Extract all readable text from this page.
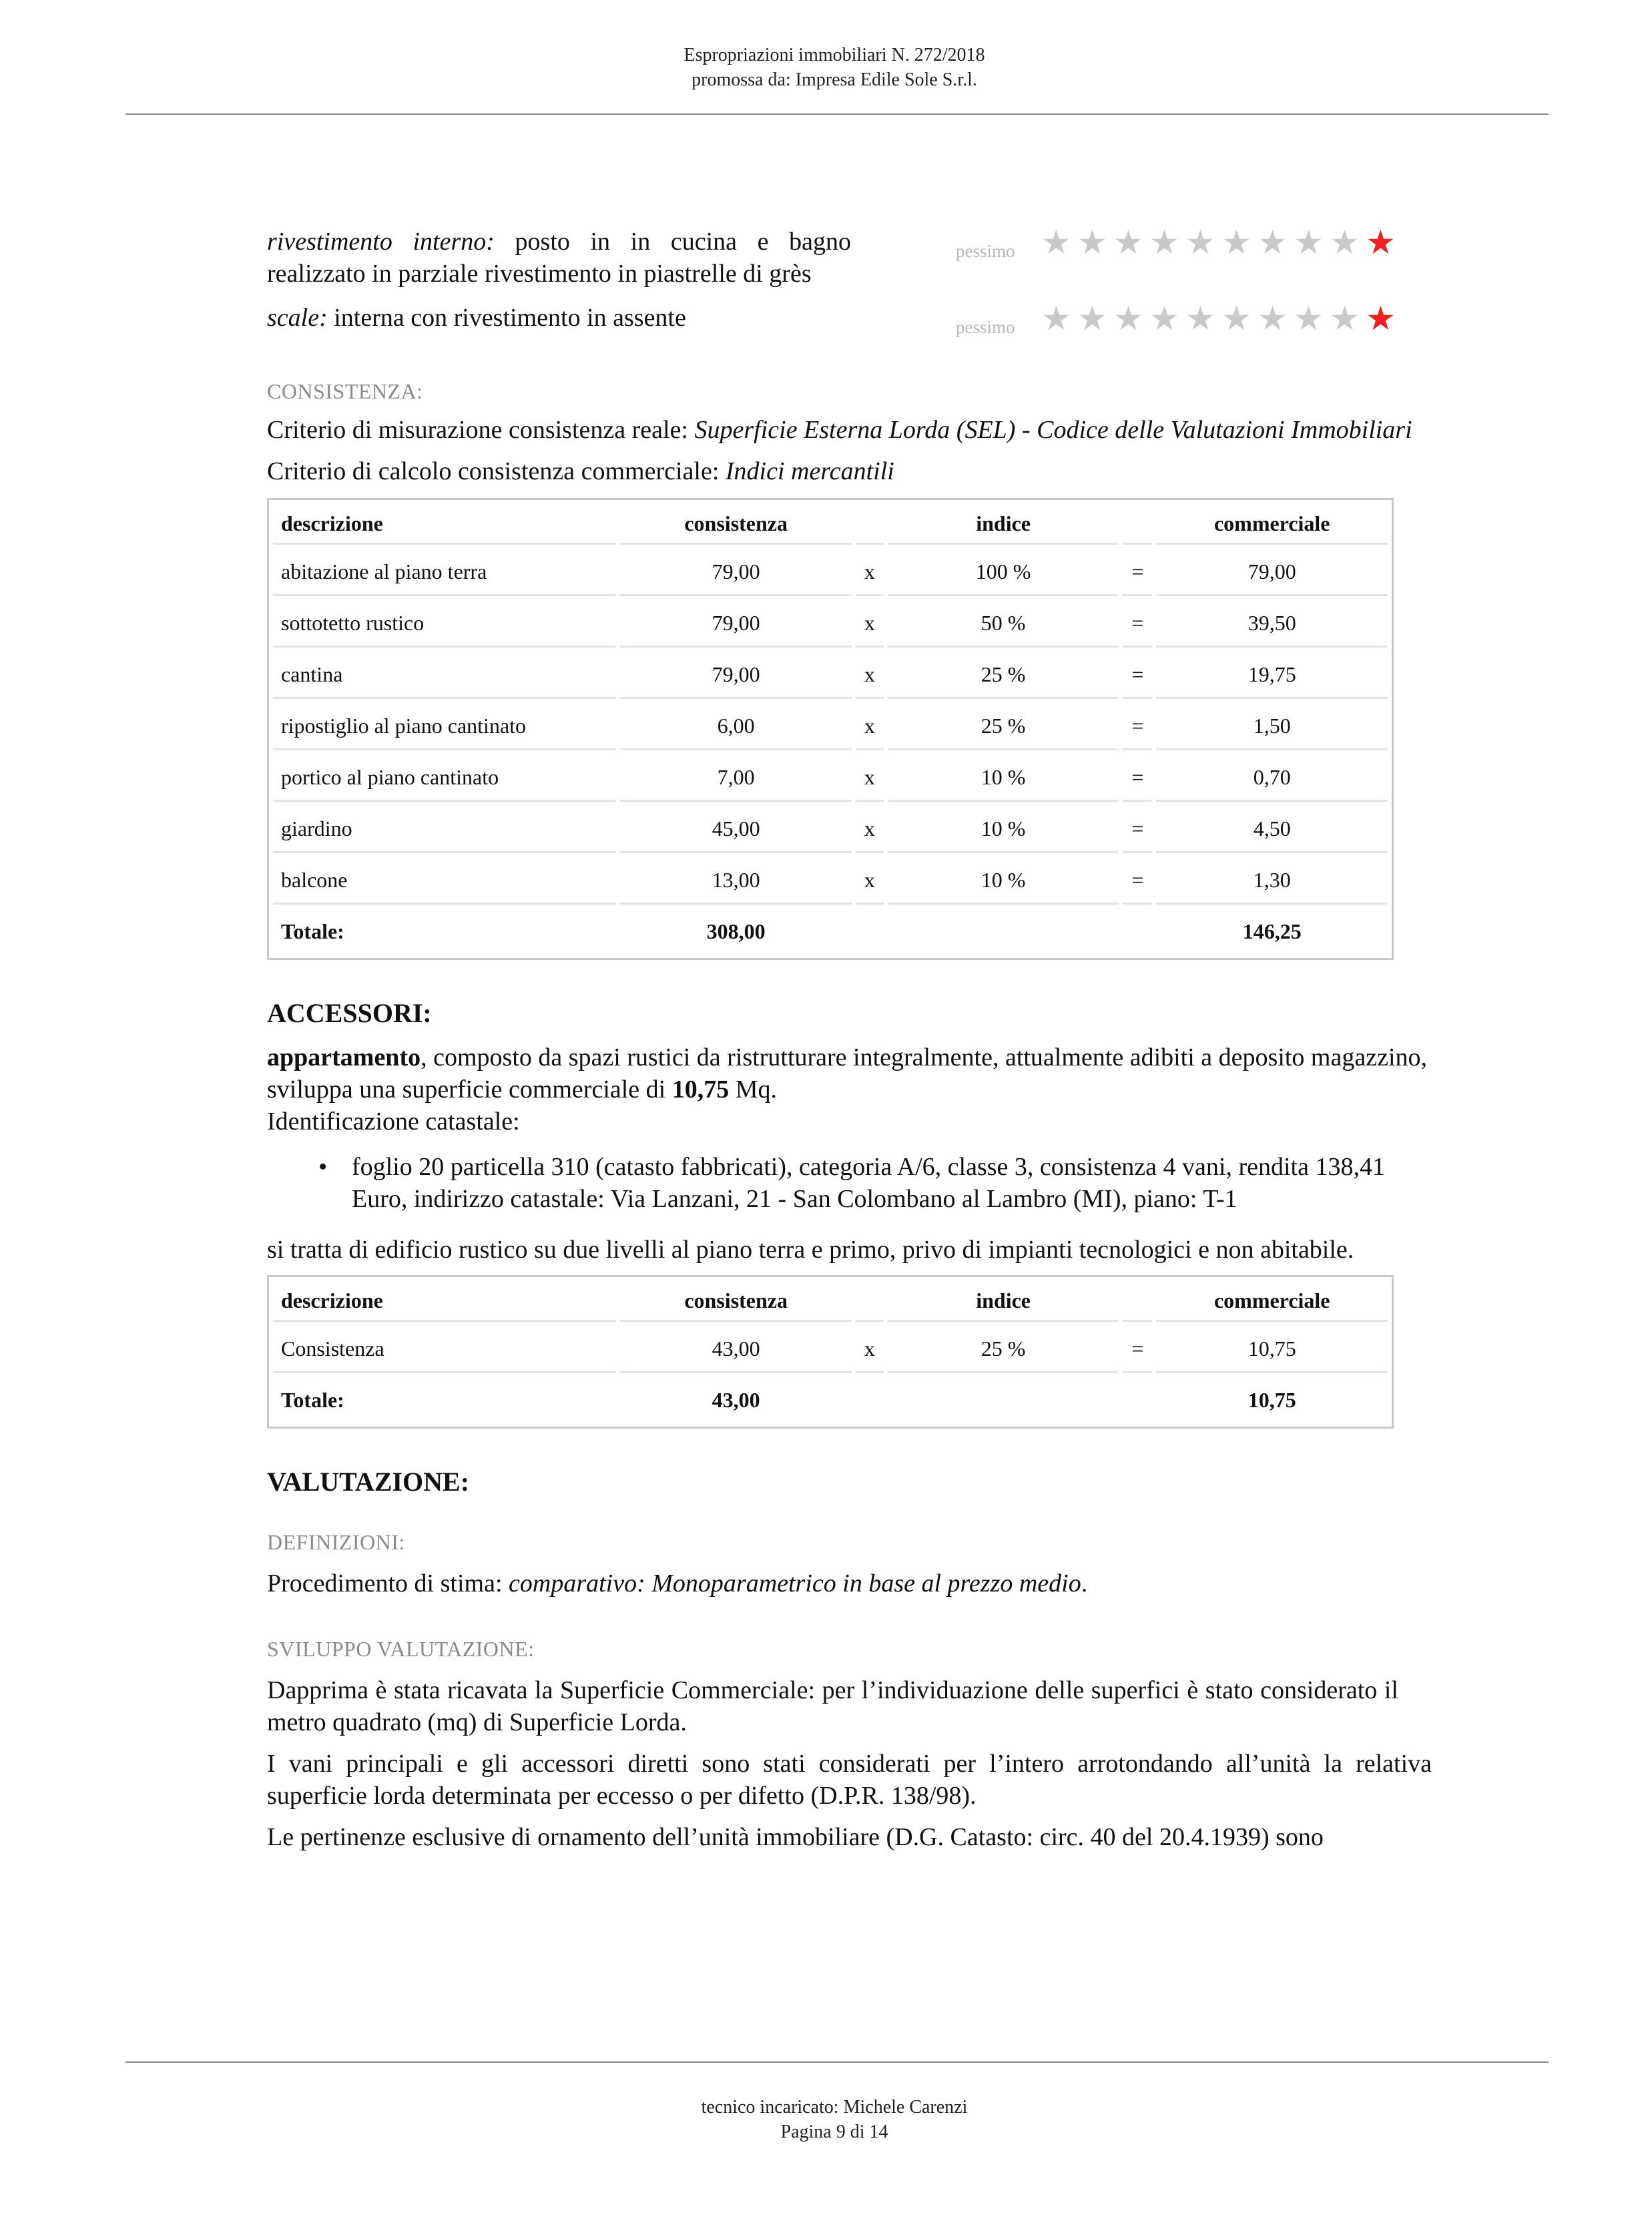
Espropriazioni immobiliari N. 272/2018
promossa da: Impresa Edile Sole S.r.l.
rivestimento interno: posto in in cucina e bagno realizzato in parziale rivestimento in piastrelle di grès
pessimo ★ ★ ★ ★ ★ ★ ★ ★ ★ ★
scale: interna con rivestimento in assente	pessimo ★ ★ ★ ★ ★ ★ ★ ★ ★ ★
CONSISTENZA:

Criterio di misurazione consistenza reale: Superficie Esterna Lorda (SEL) - Codice delle Valutazioni Immobiliari

Criterio di calcolo consistenza commerciale: Indici mercantili

descrizione	consistenza		indice		commerciale
abitazione al piano terra	79,00	x	100 %	=	79,00
sottotetto rustico	79,00	x	50 %	=	39,50
cantina	79,00	x	25 %	=	19,75
ripostiglio al piano cantinato	6,00	x	25 %	=	1,50
portico al piano cantinato	7,00	x	10 %	=	0,70
giardino	45,00	x	10 %	=	4,50
balcone	13,00	x	10 %	=	1,30
Totale:	308,00				146,25
ACCESSORI:

appartamento, composto da spazi rustici da ristrutturare integralmente, attualmente adibiti a deposito magazzino, sviluppa una superficie commerciale di 10,75 Mq.
Identificazione catastale:

• foglio 20 particella 310 (catasto fabbricati), categoria A/6, classe 3, consistenza 4 vani, rendita 138,41 Euro, indirizzo catastale: Via Lanzani, 21 - San Colombano al Lambro (MI), piano: T-1

si tratta di edificio rustico su due livelli al piano terra e primo, privo di impianti tecnologici e non abitabile.

descrizione	consistenza		indice		commerciale
Consistenza	43,00	x	25 %	=	10,75
Totale:	43,00				10,75
VALUTAZIONE:
DEFINIZIONI:

Procedimento di stima: comparativo: Monoparametrico in base al prezzo medio.

SVILUPPO VALUTAZIONE:

Dapprima è stata ricavata la Superficie Commerciale: per l’individuazione delle superfici è stato considerato il metro quadrato (mq) di Superficie Lorda.

I vani principali e gli accessori diretti sono stati considerati per l’intero arrotondando all’unità la relativa superficie lorda determinata per eccesso o per difetto (D.P.R. 138/98).

Le pertinenze esclusive di ornamento dell’unità immobiliare (D.G. Catasto: circ. 40 del 20.4.1939) sono

tecnico incaricato: Michele Carenzi
Pagina 9 di 14
